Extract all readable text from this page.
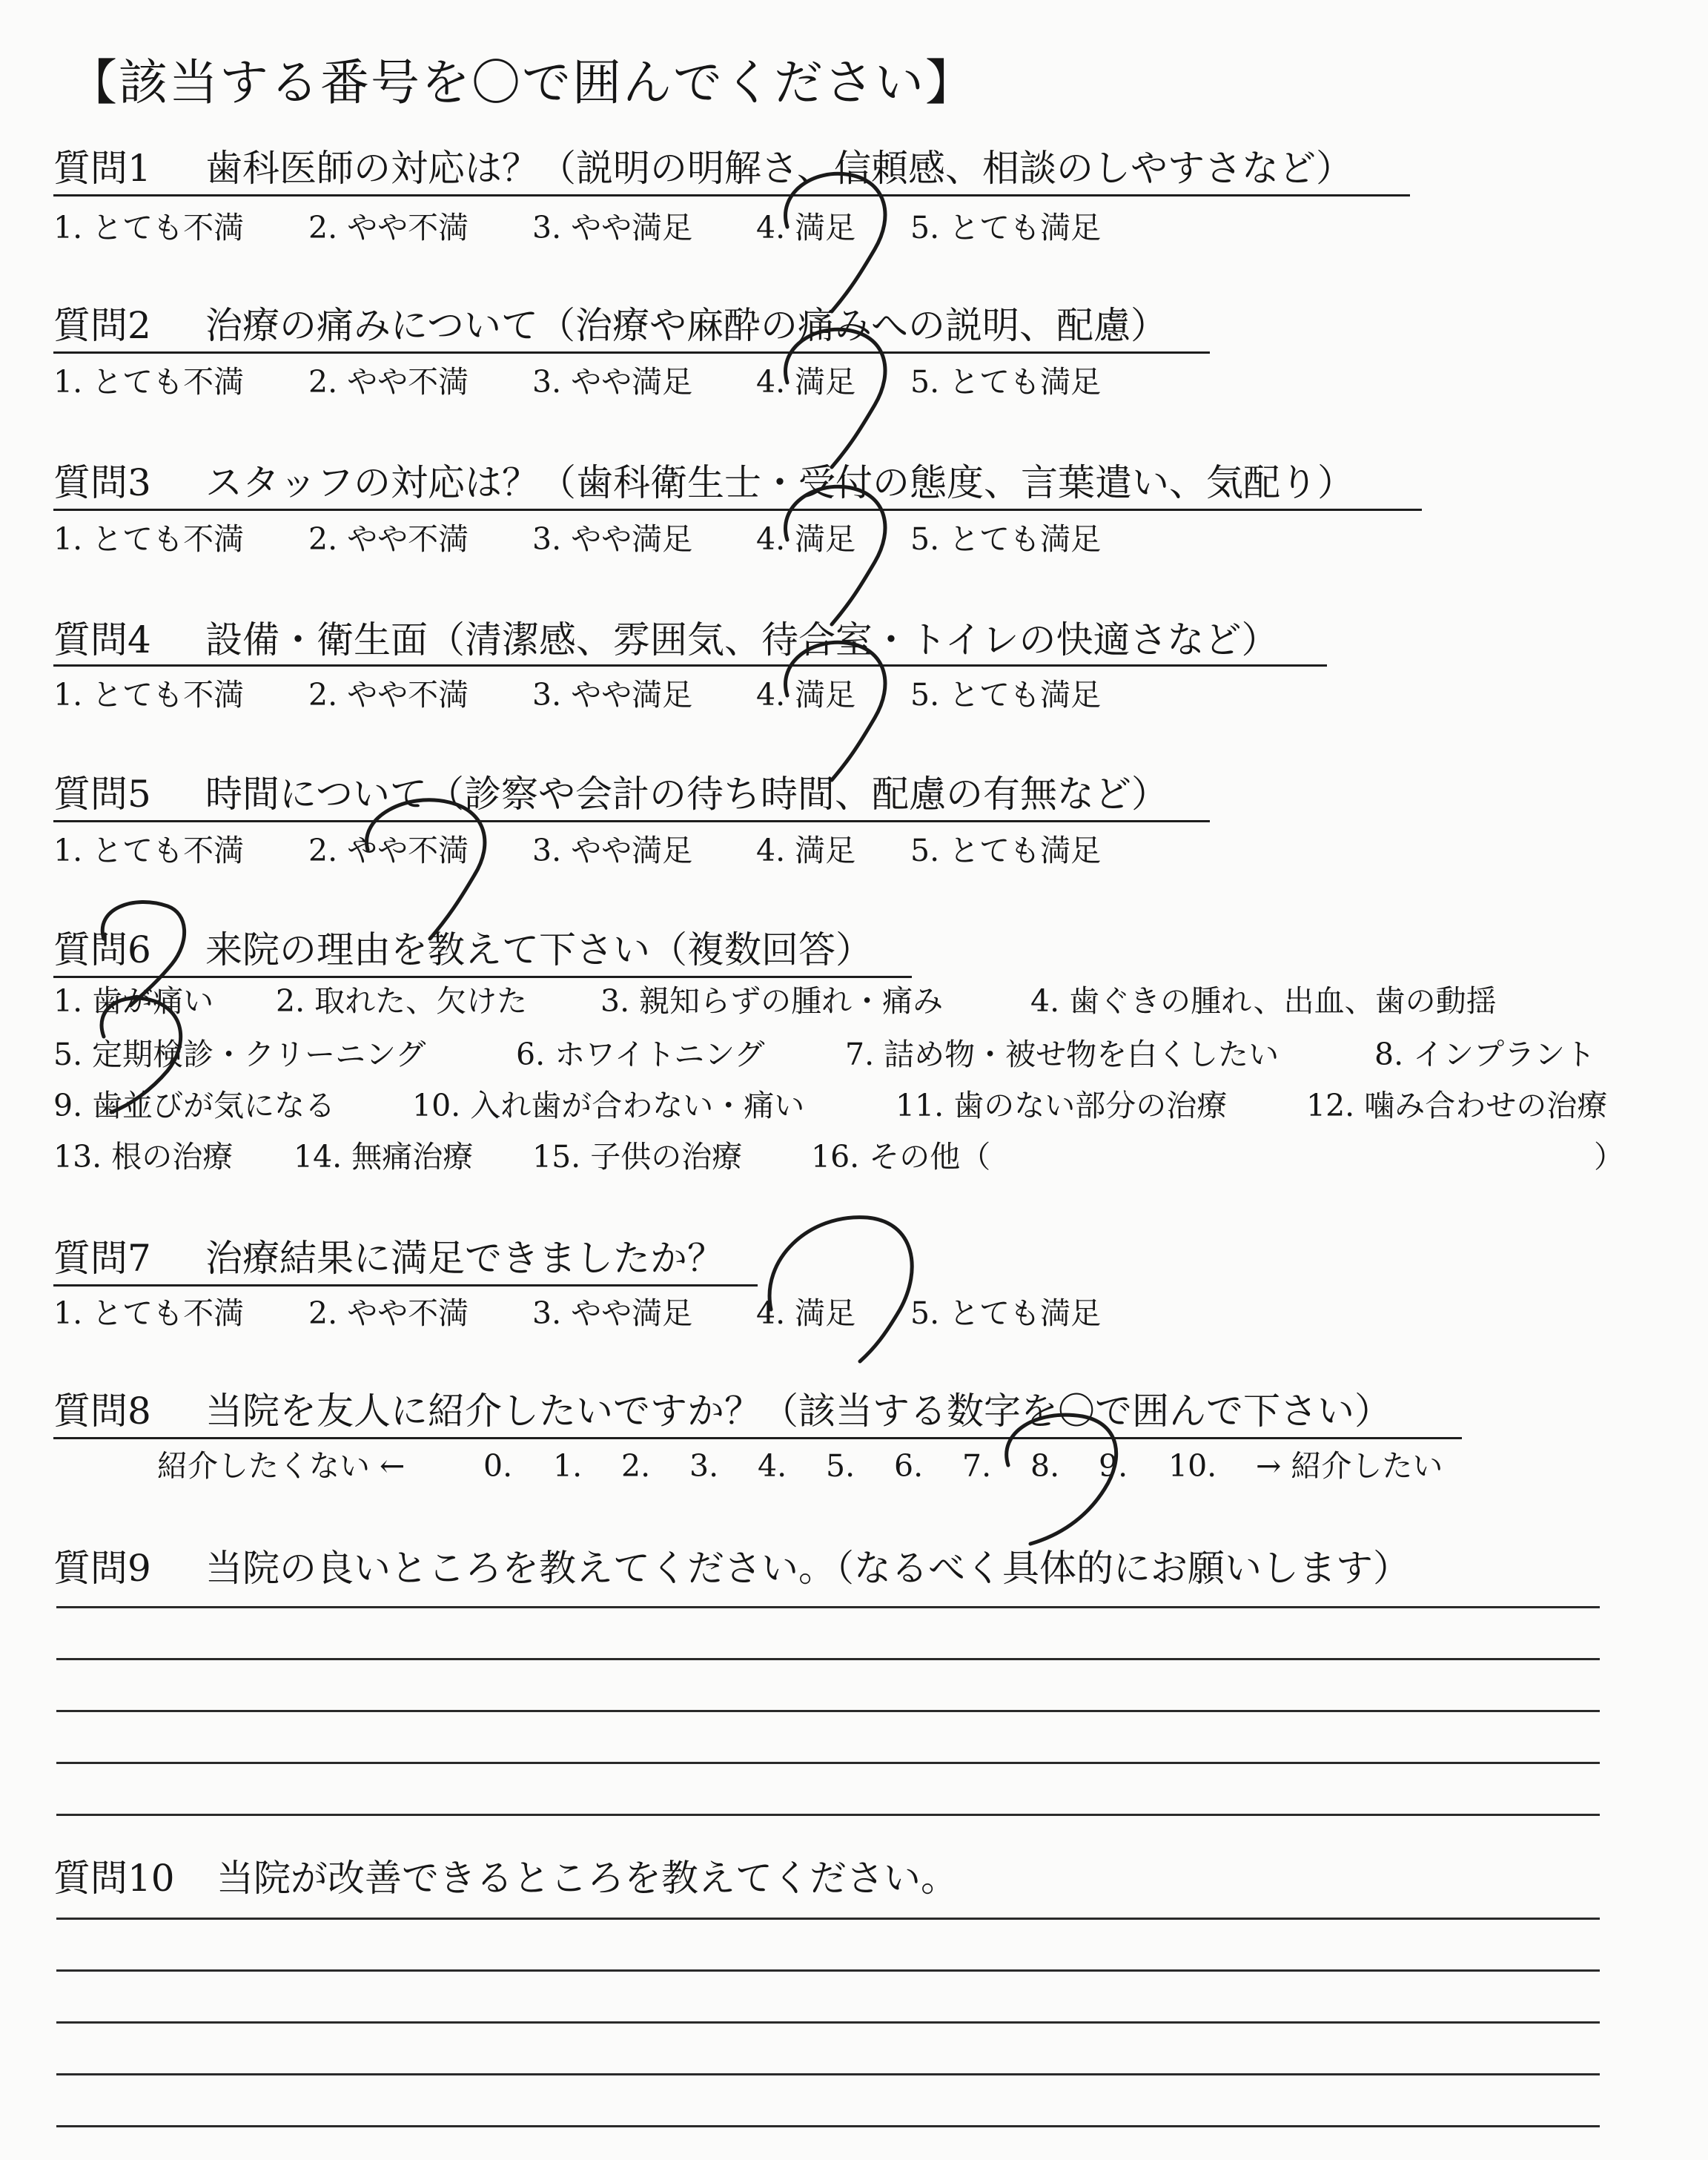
【該当する番号を〇で囲んでください】
質問1 歯科医師の対応は？（説明の明解さ、信頼感、相談のしやすさなど）
1. とても不満 2. やや不満 3. やや満足 4. 満足 5. とても満足
質問2 治療の痛みについて（治療や麻酔の痛みへの説明、配慮）
1. とても不満 2. やや不満 3. やや満足 4. 満足 5. とても満足
質問3 スタッフの対応は？（歯科衛生士・受付の態度、言葉遣い、気配り）
1. とても不満 2. やや不満 3. やや満足 4. 満足 5. とても満足
質問4 設備・衛生面（清潔感、雰囲気、待合室・トイレの快適さなど）
1. とても不満 2. やや不満 3. やや満足 4. 満足 5. とても満足
質問5 時間について（診察や会計の待ち時間、配慮の有無など）
1. とても不満 2. やや不満 3. やや満足 4. 満足 5. とても満足
質問6 来院の理由を教えて下さい（複数回答）
1. 歯が痛い 2. 取れた、欠けた 3. 親知らずの腫れ・痛み	4. 歯ぐきの腫れ、出血、歯の動揺
5. 定期検診・クリーニング	6. ホワイトニング	7. 詰め物・被せ物を白くしたい	8. インプラント
9. 歯並びが気になる	10. 入れ歯が合わない・痛い	11. 歯のない部分の治療	12. 噛み合わせの治療
13. 根の治療 14. 無痛治療 15. 子供の治療 16. その他（	）
質問7 治療結果に満足できましたか？
1. とても不満 2. やや不満 3. やや満足 4. 満足 5. とても満足
質問8 当院を友人に紹介したいですか？（該当する数字を〇で囲んで下さい）
紹介したくない ←	0. 1. 2. 3. 4. 5. 6. 7. 8. 9. 10. → 紹介したい
質問9 当院の良いところを教えてください。（なるべく具体的にお願いします）
質問10 当院が改善できるところを教えてください。
